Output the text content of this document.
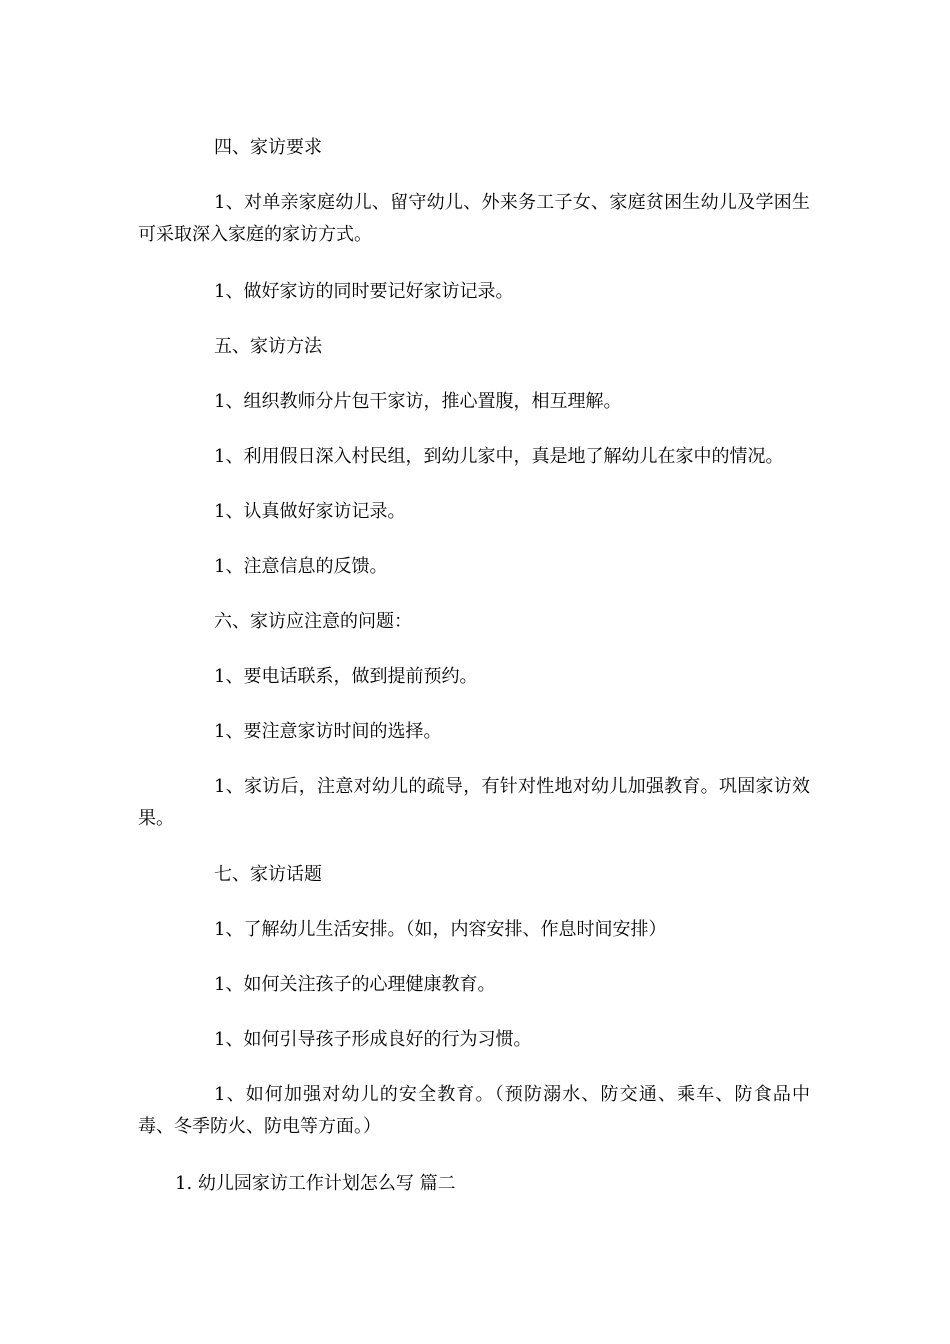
四、家访要求

1、对单亲家庭幼儿、留守幼儿、外来务工子女、家庭贫困生幼儿及学困生可采取深入家庭的家访方式。

1、做好家访的同时要记好家访记录。

五、家访方法

1、组织教师分片包干家访，推心置腹，相互理解。

1、利用假日深入村民组，到幼儿家中，真是地了解幼儿在家中的情况。

1、认真做好家访记录。

1、注意信息的反馈。

六、家访应注意的问题：

1、要电话联系，做到提前预约。

1、要注意家访时间的选择。

1、家访后，注意对幼儿的疏导，有针对性地对幼儿加强教育。巩固家访效果。

七、家访话题

1、了解幼儿生活安排。（如，内容安排、作息时间安排）

1、如何关注孩子的心理健康教育。

1、如何引导孩子形成良好的行为习惯。

1、如何加强对幼儿的安全教育。（预防溺水、防交通、乘车、防食品中毒、冬季防火、防电等方面。）

1. 幼儿园家访工作计划怎么写 篇二
